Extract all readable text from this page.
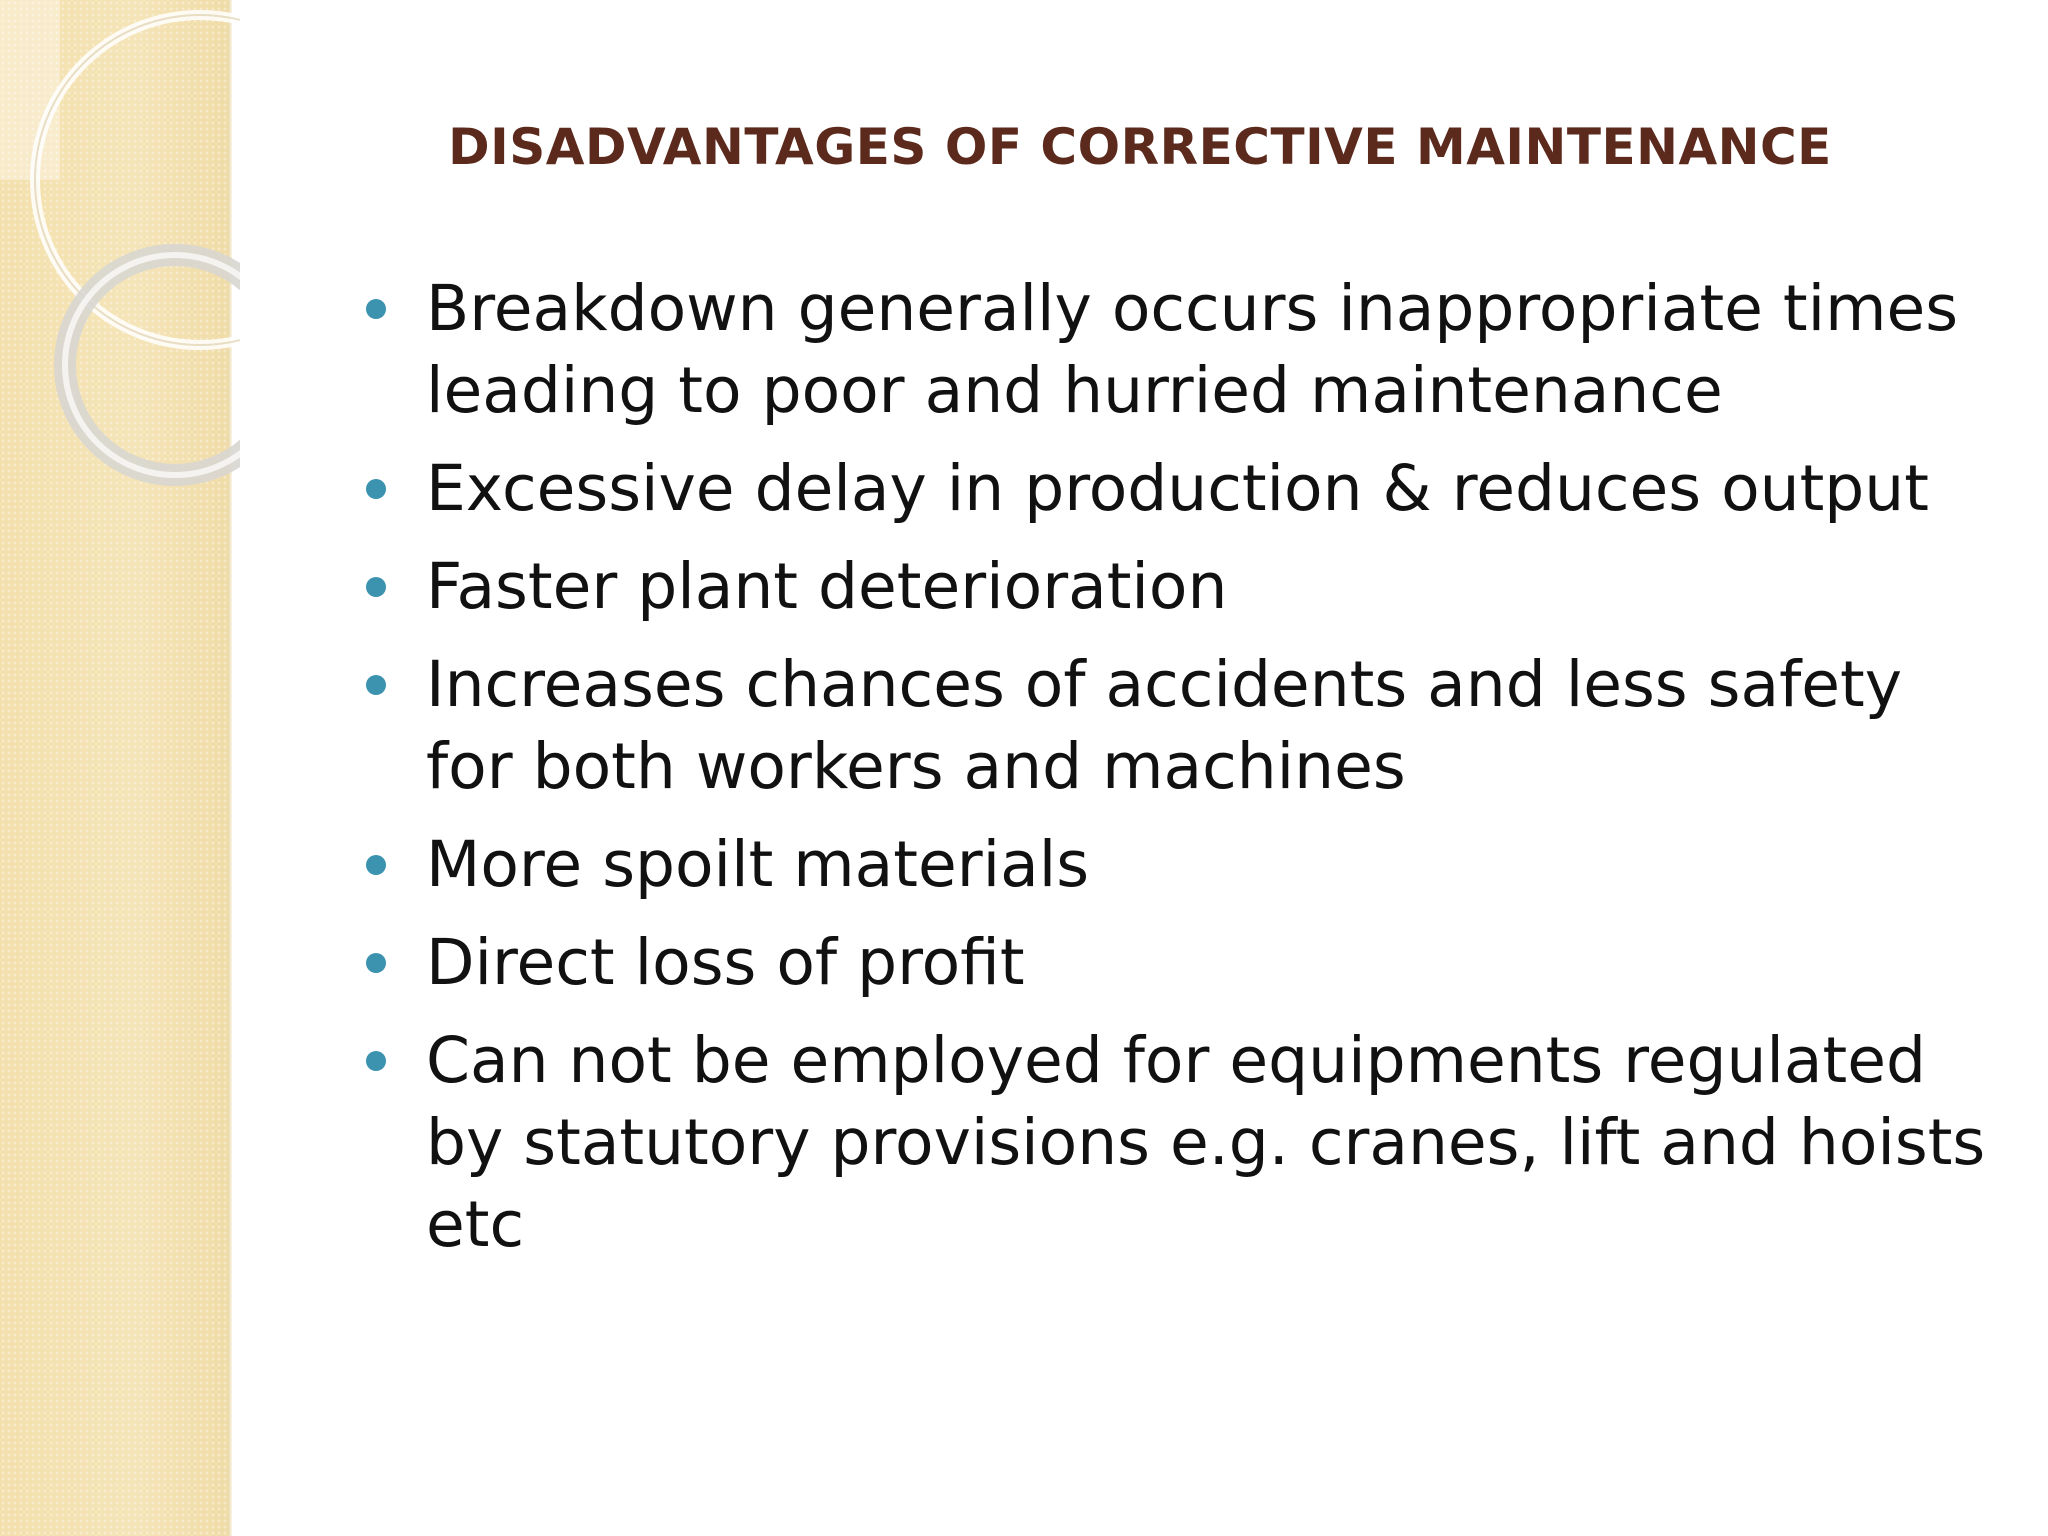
DISADVANTAGES OF CORRECTIVE MAINTENANCE
Breakdown generally occurs inappropriate times leading to poor and hurried maintenance
Excessive delay in production & reduces output
Faster plant deterioration
Increases chances of accidents and less safety for both workers and machines
More spoilt materials
Direct loss of profit
Can not be employed for equipments regulated by statutory provisions e.g. cranes, lift and hoists etc
